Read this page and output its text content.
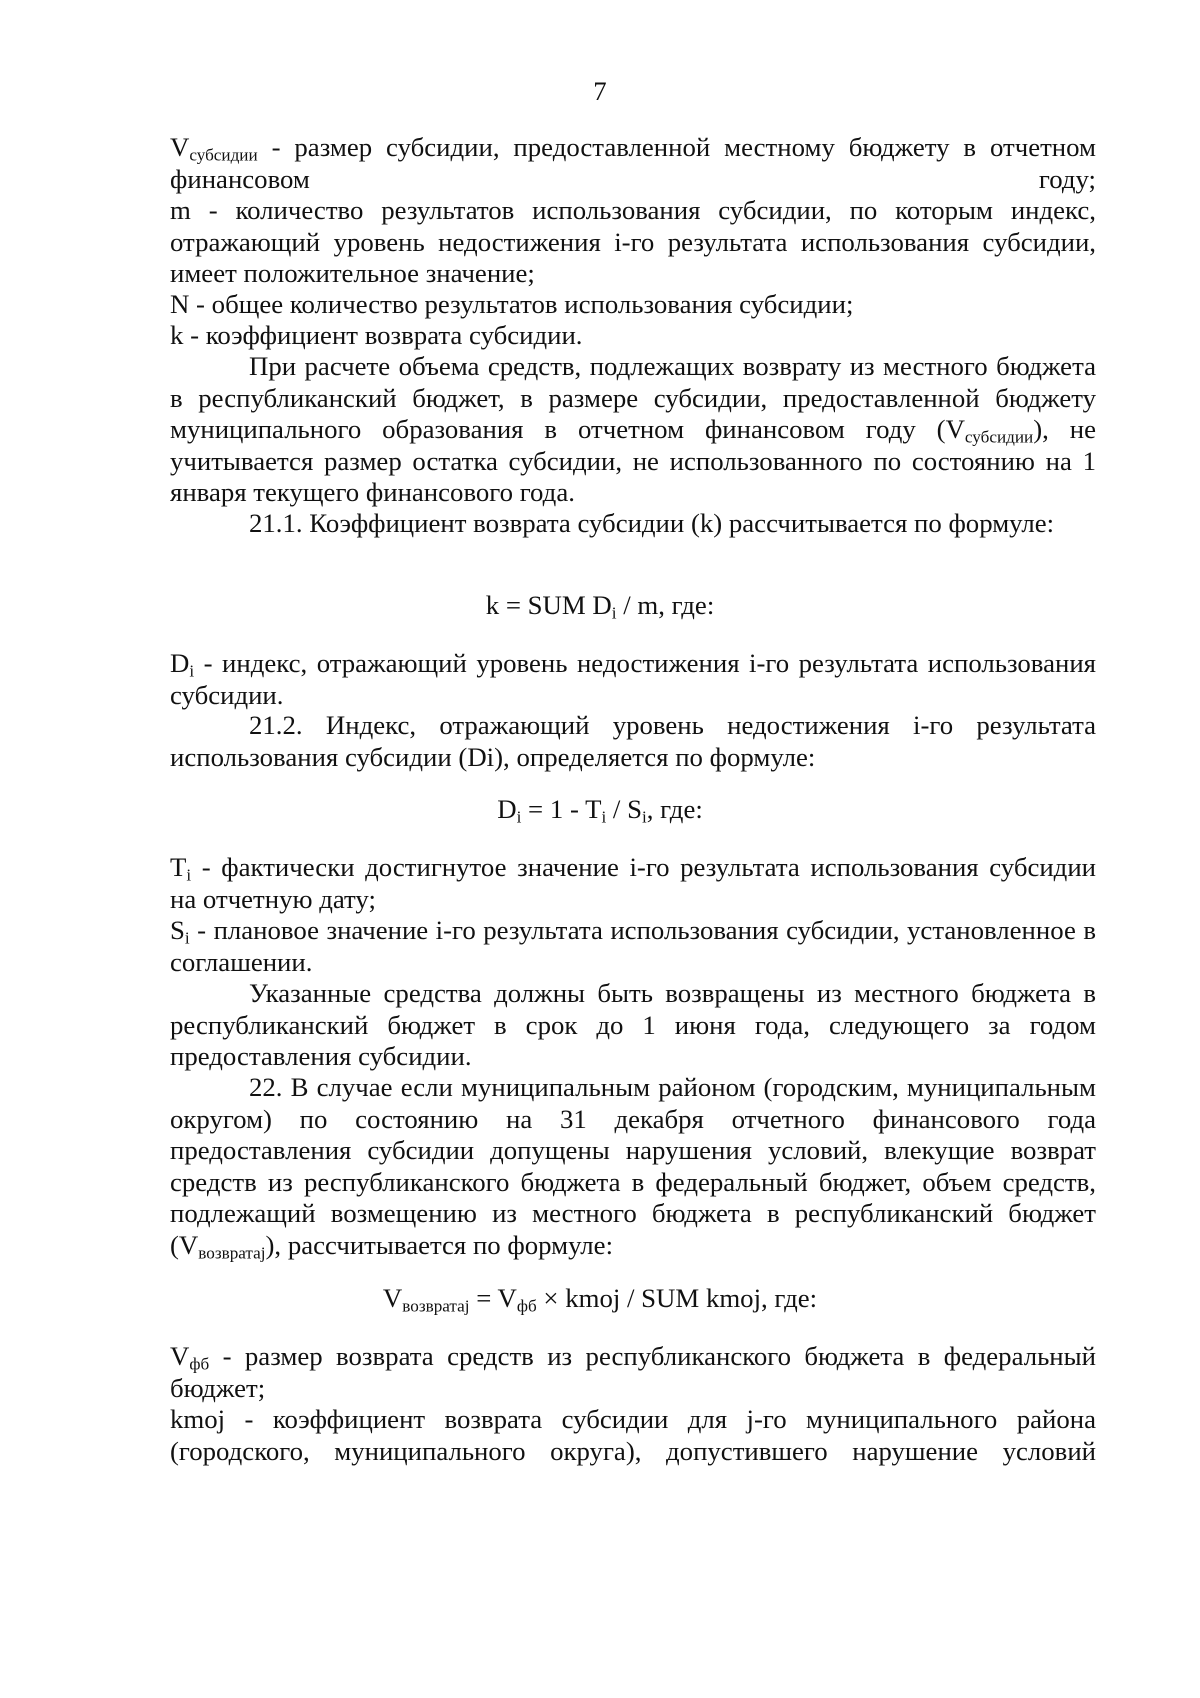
7

$V_{субсидии}$ - размер субсидии, предоставленной местному бюджету в отчетном финансовом году;

m - количество результатов использования субсидии, по которым индекс, отражающий уровень недостижения i-го результата использования субсидии, имеет положительное значение;

N - общее количество результатов использования субсидии;

k - коэффициент возврата субсидии.

При расчете объема средств, подлежащих возврату из местного бюджета в республиканский бюджет, в размере субсидии, предоставленной бюджету муниципального образования в отчетном финансовом году $(V_{субсидии})$, не учитывается размер остатка субсидии, не использованного по состоянию на 1 января текущего финансового года.

21.1. Коэффициент возврата субсидии (k) рассчитывается по формуле:

k = SUM $D_i$ / m, где:

$D_i$ - индекс, отражающий уровень недостижения i-го результата использования субсидии.

21.2. Индекс, отражающий уровень недостижения i-го результата использования субсидии (Di), определяется по формуле:

$D_i = 1 - T_i / S_i$, где:

$T_i$ - фактически достигнутое значение i-го результата использования субсидии на отчетную дату;

$S_i$ - плановое значение i-го результата использования субсидии, установленное в соглашении.

Указанные средства должны быть возвращены из местного бюджета в республиканский бюджет в срок до 1 июня года, следующего за годом предоставления субсидии.

22. В случае если муниципальным районом (городским, муниципальным округом) по состоянию на 31 декабря отчетного финансового года предоставления субсидии допущены нарушения условий, влекущие возврат средств из республиканского бюджета в федеральный бюджет, объем средств, подлежащий возмещению из местного бюджета в республиканский бюджет $(V_{возвратаj})$, рассчитывается по формуле:

$V_{возвратаj} = V_{фб}$ × kmoj / SUM kmoj, где:

$V_{фб}$ - размер возврата средств из республиканского бюджета в федеральный бюджет;

kmoj - коэффициент возврата субсидии для j-го муниципального района (городского, муниципального округа), допустившего нарушение условий
